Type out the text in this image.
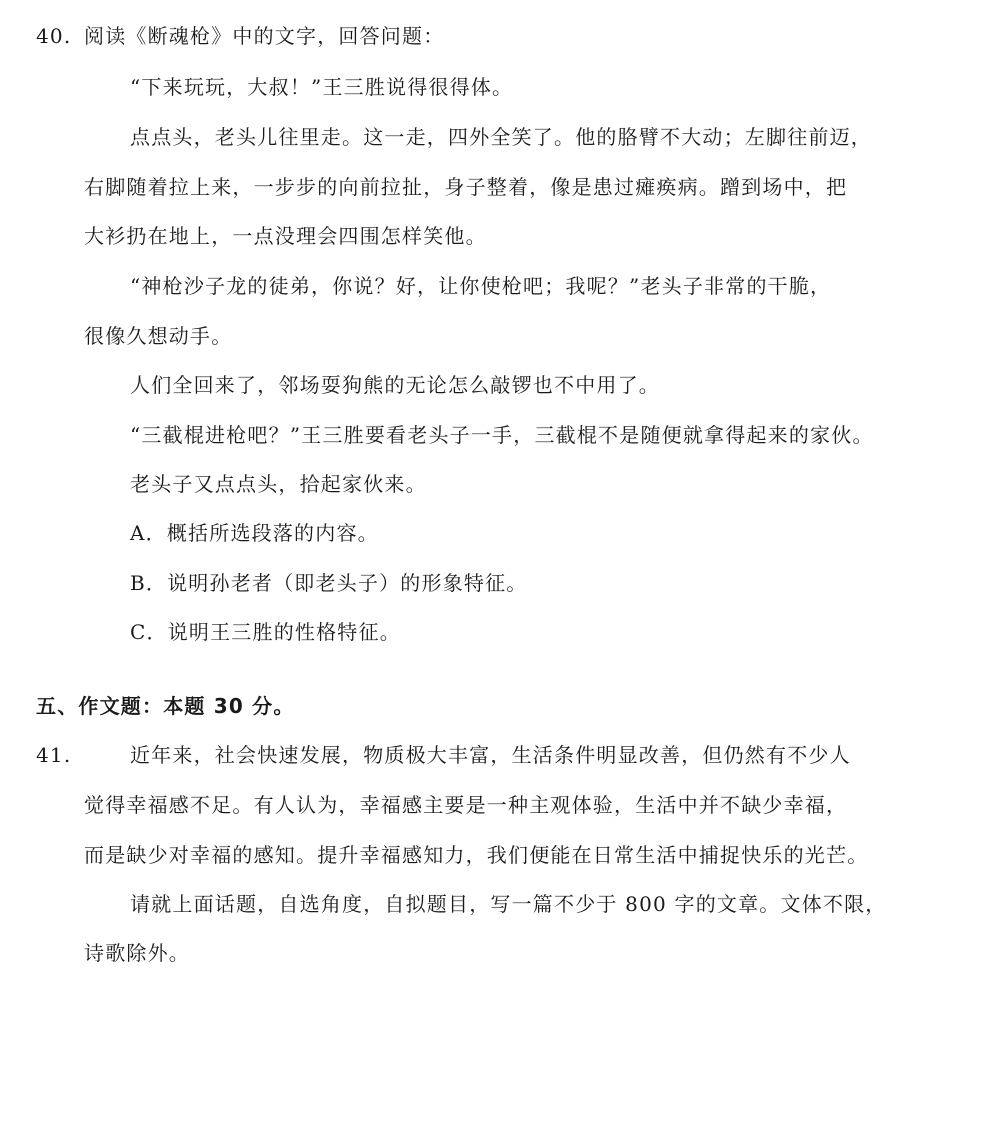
40. 阅读《断魂枪》中的文字，回答问题：
“下来玩玩，大叔！”王三胜说得很得体。
点点头，老头儿往里走。这一走，四外全笑了。他的胳臂不大动；左脚往前迈，
右脚随着拉上来，一步步的向前拉扯，身子整着，像是患过瘫痪病。蹭到场中，把
大衫扔在地上，一点没理会四围怎样笑他。
“神枪沙子龙的徒弟，你说？好，让你使枪吧；我呢？”老头子非常的干脆，
很像久想动手。
人们全回来了，邻场耍狗熊的无论怎么敲锣也不中用了。
“三截棍进枪吧？”王三胜要看老头子一手，三截棍不是随便就拿得起来的家伙。
老头子又点点头，拾起家伙来。
A．概括所选段落的内容。
B．说明孙老者（即老头子）的形象特征。
C．说明王三胜的性格特征。
五、作文题：本题 30 分。
41.	近年来，社会快速发展，物质极大丰富，生活条件明显改善，但仍然有不少人
觉得幸福感不足。有人认为，幸福感主要是一种主观体验，生活中并不缺少幸福，
而是缺少对幸福的感知。提升幸福感知力，我们便能在日常生活中捕捉快乐的光芒。
请就上面话题，自选角度，自拟题目，写一篇不少于 800 字的文章。文体不限，
诗歌除外。
